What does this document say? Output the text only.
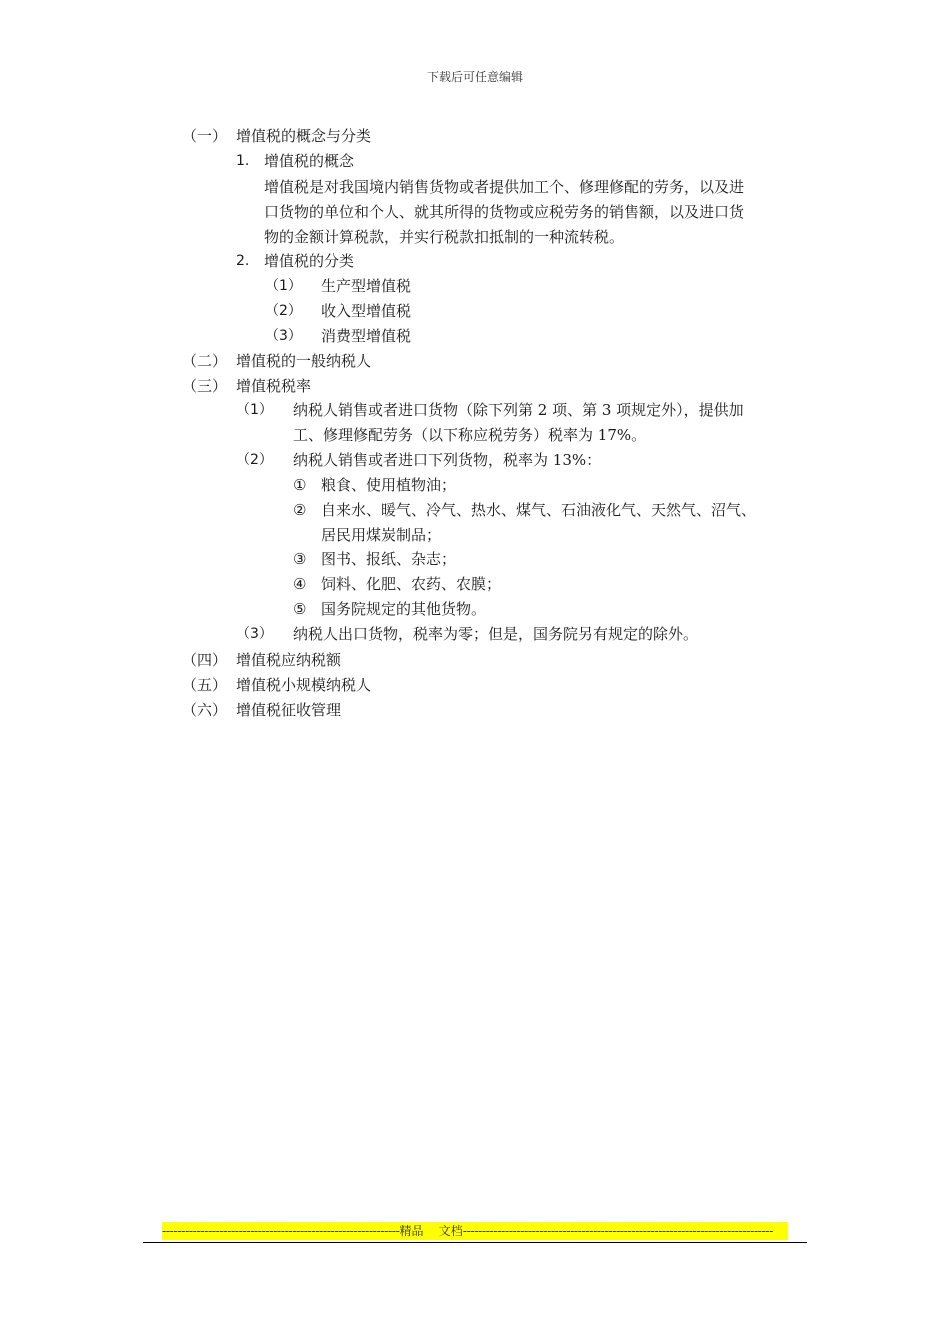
下载后可任意编辑
（一） 增值税的概念与分类
1. 增值税的概念
增值税是对我国境内销售货物或者提供加工个、修理修配的劳务，以及进
口货物的单位和个人、就其所得的货物或应税劳务的销售额，以及进口货
物的金额计算税款，并实行税款扣抵制的一种流转税。
2. 增值税的分类
（1） 生产型增值税
（2） 收入型增值税
（3） 消费型增值税
（二） 增值税的一般纳税人
（三） 增值税税率
（1） 纳税人销售或者进口货物（除下列第 2 项、第 3 项规定外），提供加
工、修理修配劳务（以下称应税劳务）税率为 17%。
（2） 纳税人销售或者进口下列货物，税率为 13%：
① 粮食、使用植物油；
② 自来水、暖气、冷气、热水、煤气、石油液化气、天然气、沼气、
居民用煤炭制品；
③ 图书、报纸、杂志；
④ 饲料、化肥、农药、农膜；
⑤ 国务院规定的其他货物。
（3） 纳税人出口货物，税率为零；但是，国务院另有规定的除外。
（四） 增值税应纳税额
（五） 增值税小规模纳税人
（六） 增值税征收管理
--------------------------------------------------------------精品    文档---------------------------------------------------------------------------------
